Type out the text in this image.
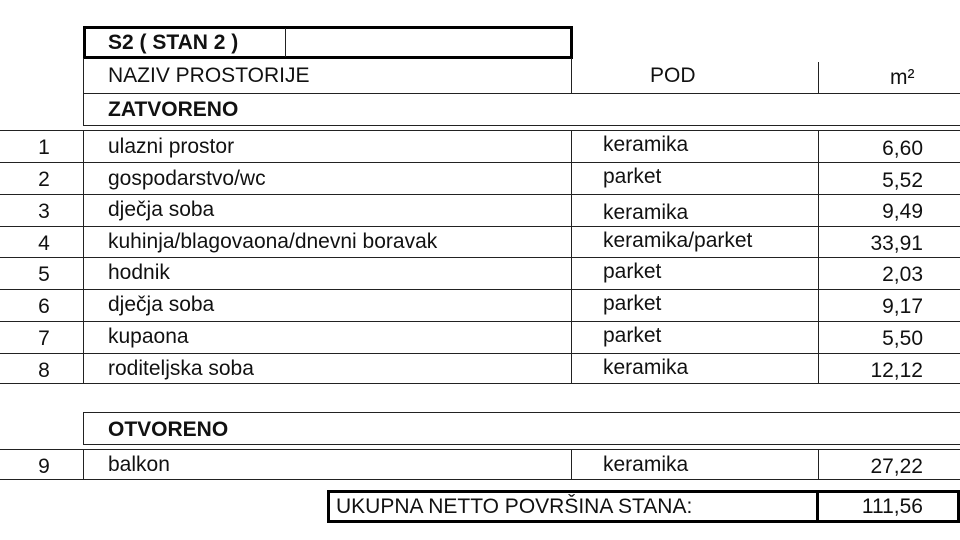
S2 ( STAN 2 )
NAZIV PROSTORIJE	POD	m²
ZATVORENO
1	ulazni prostor	keramika	6,60
2	gospodarstvo/wc	parket	5,52
3	dječja soba	keramika	9,49
4	kuhinja/blagovaona/dnevni boravak	keramika/parket	33,91
5	hodnik	parket	2,03
6	dječja soba	parket	9,17
7	kupaona	parket	5,50
8	roditeljska soba	keramika	12,12
OTVORENO
9	balkon	keramika	27,22
UKUPNA NETTO POVRŠINA STANA:	111,56
